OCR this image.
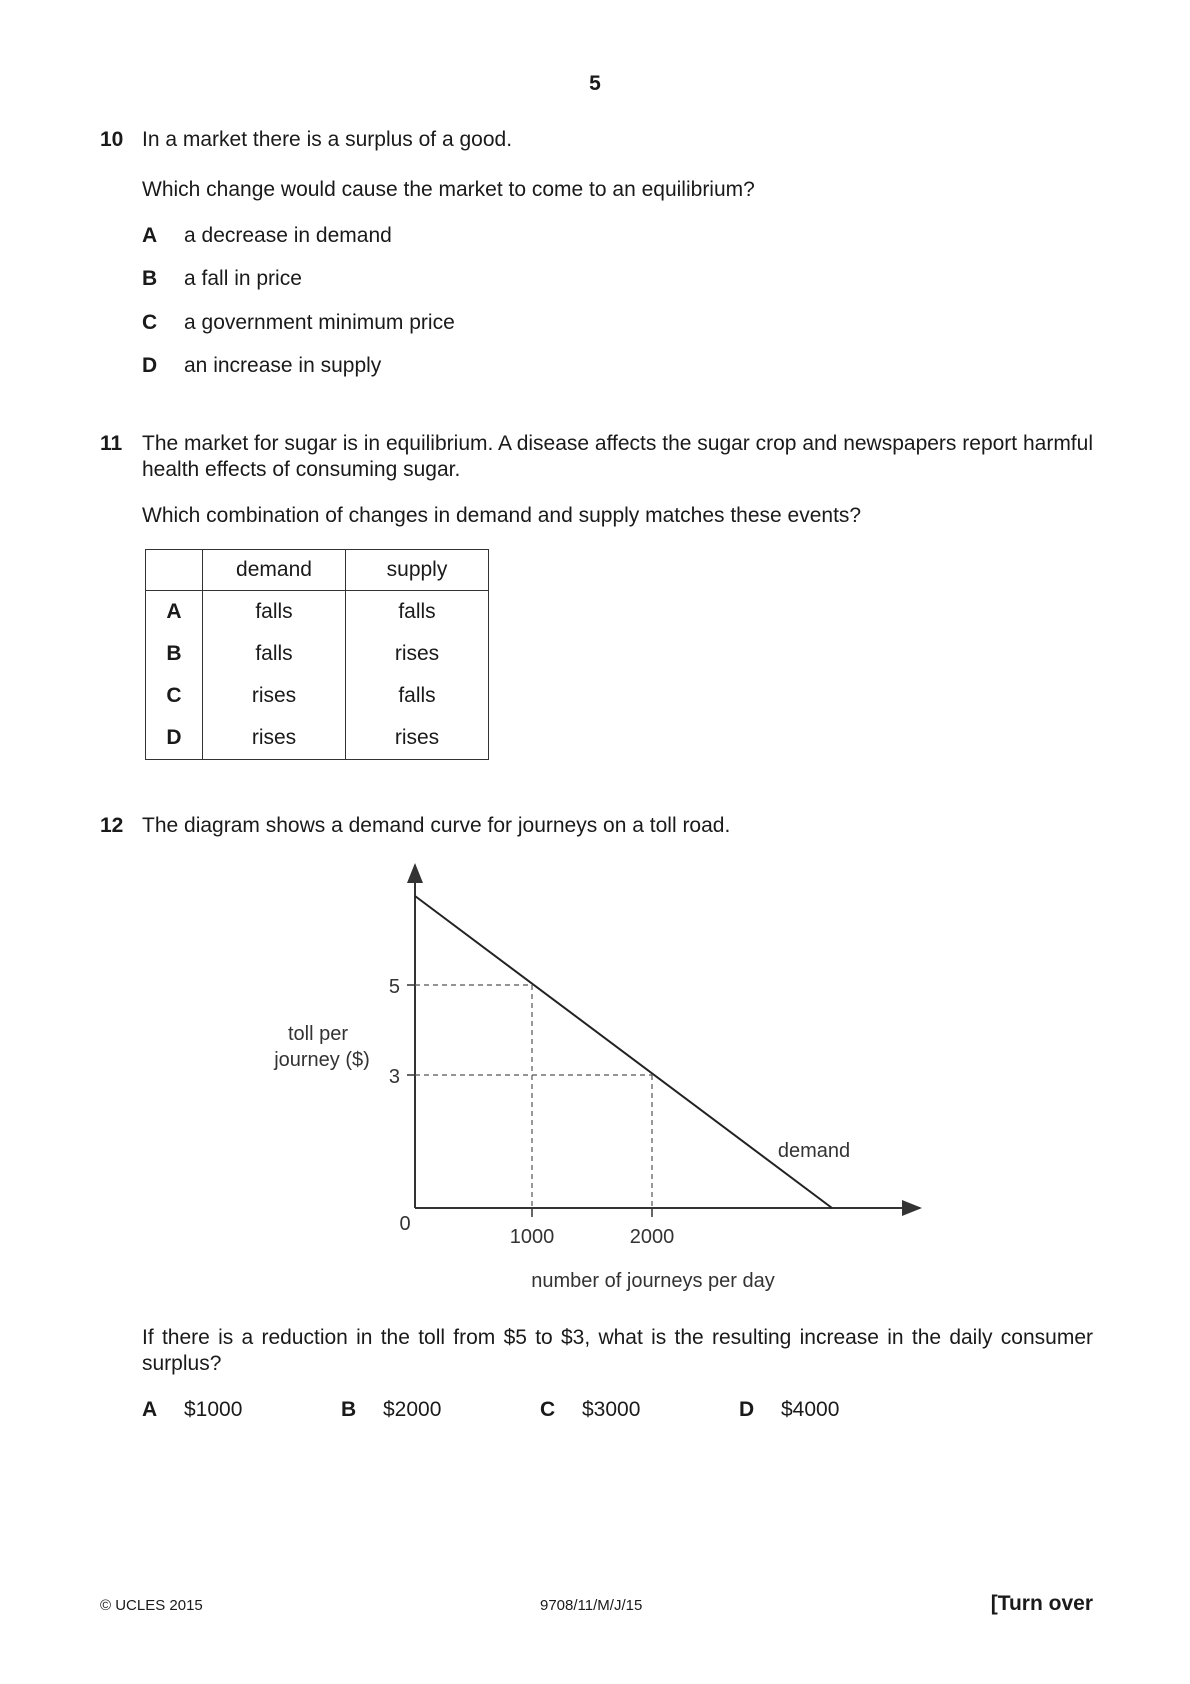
5
10 In a market there is a surplus of a good.
Which change would cause the market to come to an equilibrium?
A a decrease in demand
B a fall in price
C a government minimum price
D an increase in supply
11 The market for sugar is in equilibrium. A disease affects the sugar crop and newspapers report harmful health effects of consuming sugar.
Which combination of changes in demand and supply matches these events?
	demand	supply
A	falls	falls
B	falls	rises
C	rises	falls
D	rises	rises
12 The diagram shows a demand curve for journeys on a toll road.
5
3
1000	2000
0
toll per
journey ($)
number of journeys per day
demand
If there is a reduction in the toll from $5 to $3, what is the resulting increase in the daily consumer surplus?
A $1000	B $2000	C $3000	D $4000
© UCLES 2015	9708/11/M/J/15	[Turn over
